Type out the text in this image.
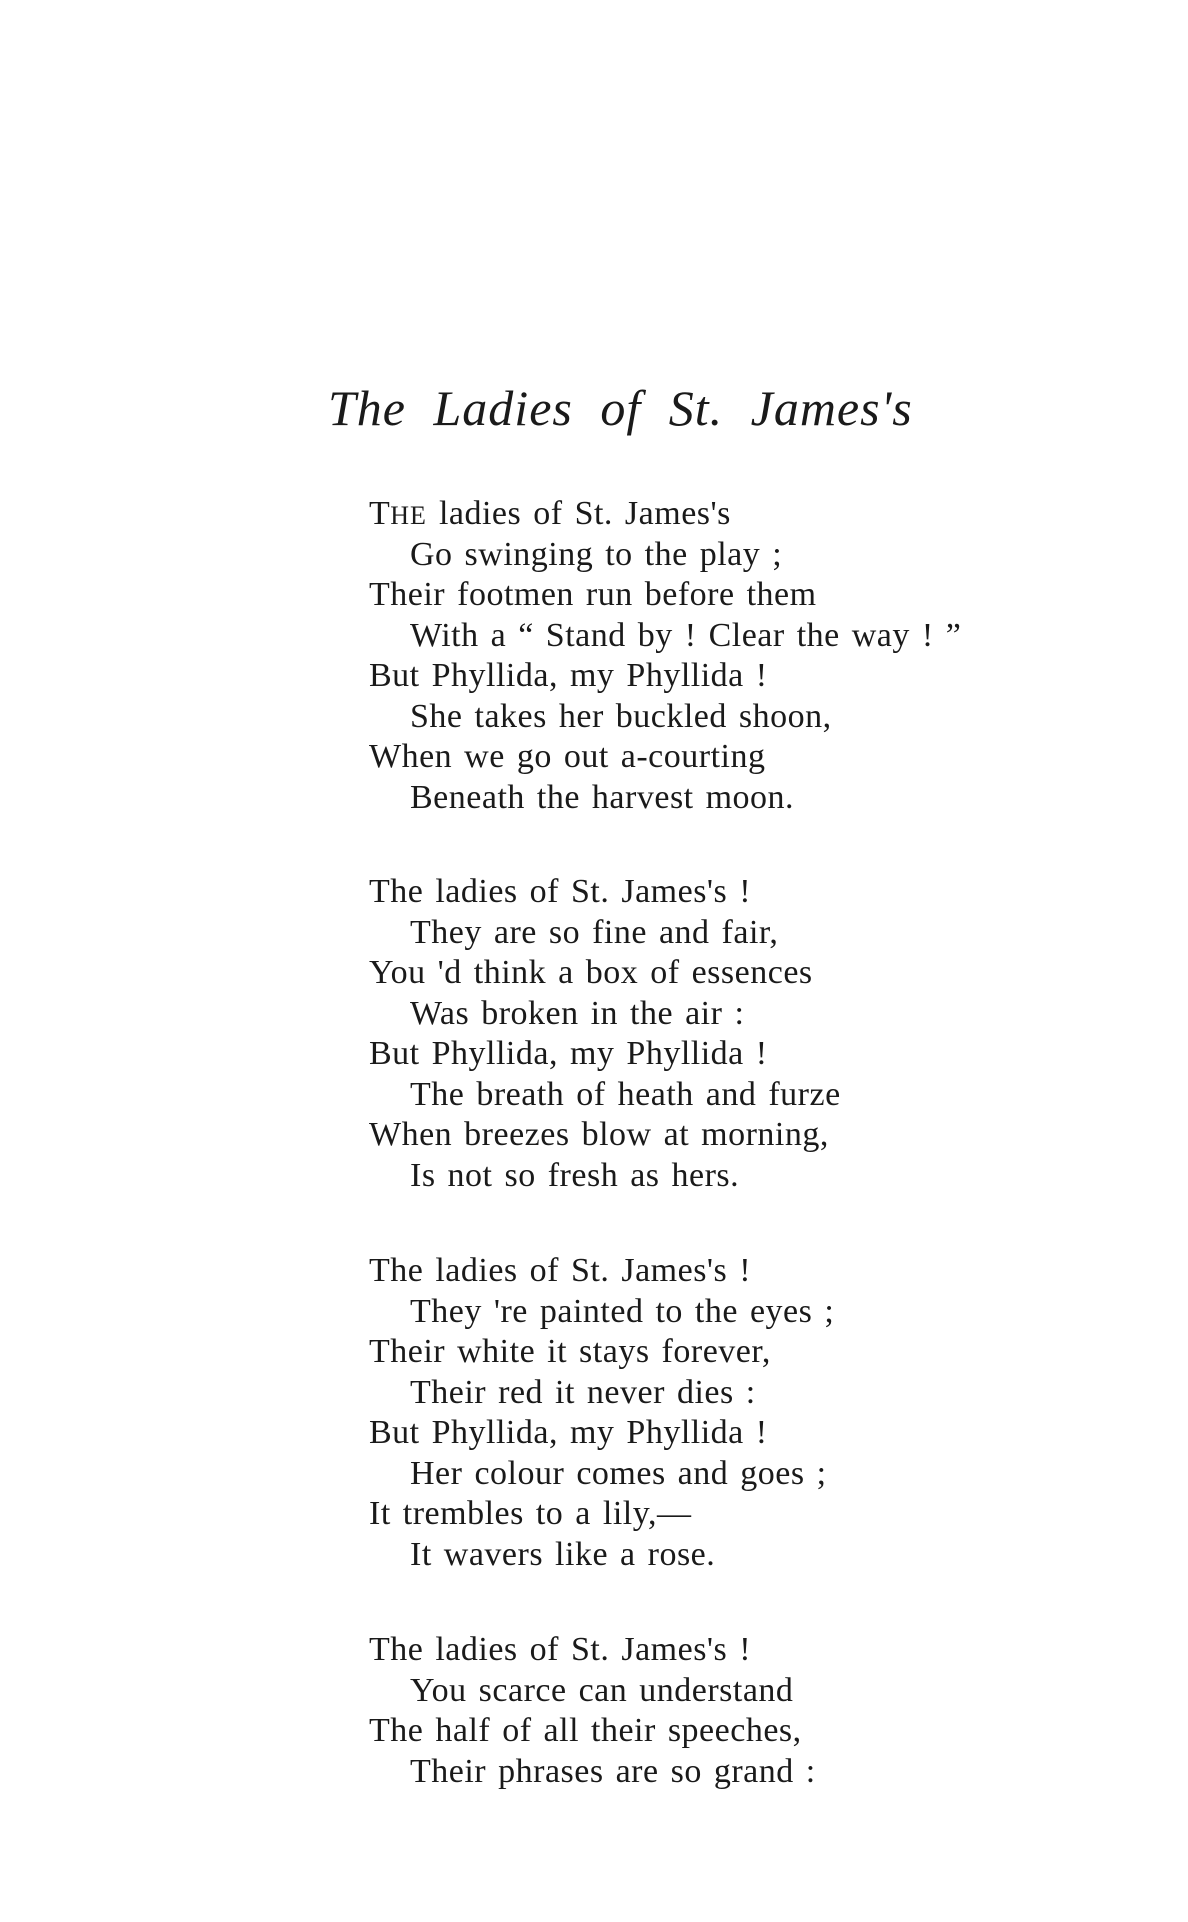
The Ladies of St. James's
THE ladies of St. James's
Go swinging to the play ;
Their footmen run before them
With a “ Stand by ! Clear the way ! ”
But Phyllida, my Phyllida !
She takes her buckled shoon,
When we go out a-courting
Beneath the harvest moon.
The ladies of St. James's !
They are so fine and fair,
You 'd think a box of essences
Was broken in the air :
But Phyllida, my Phyllida !
The breath of heath and furze
When breezes blow at morning,
Is not so fresh as hers.
The ladies of St. James's !
They 're painted to the eyes ;
Their white it stays forever,
Their red it never dies :
But Phyllida, my Phyllida !
Her colour comes and goes ;
It trembles to a lily,—
It wavers like a rose.
The ladies of St. James's !
You scarce can understand
The half of all their speeches,
Their phrases are so grand :
